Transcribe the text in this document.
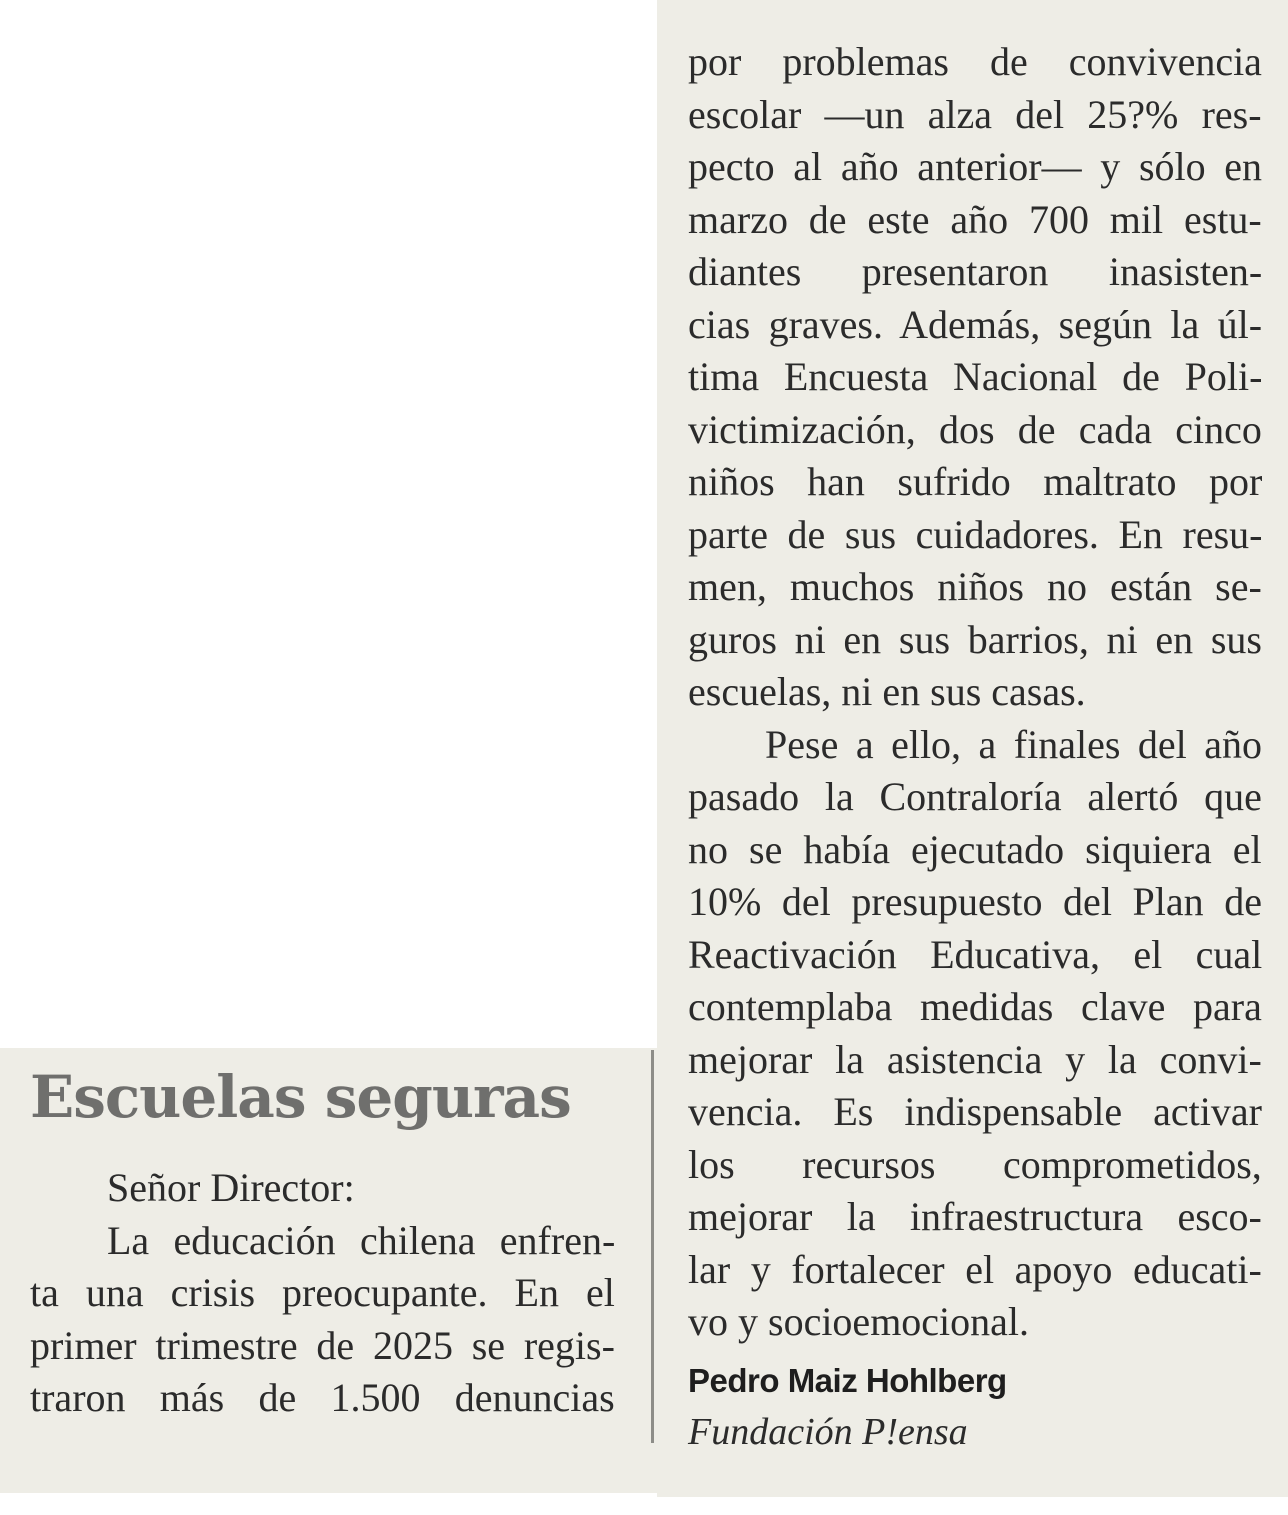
Escuelas seguras
Señor Director:
La educación chilena enfren-
ta una crisis preocupante. En el
primer trimestre de 2025 se regis-
traron más de 1.500 denuncias
por problemas de convivencia
escolar —un alza del 25?% res-
pecto al año anterior— y sólo en
marzo de este año 700 mil estu-
diantes presentaron inasisten-
cias graves. Además, según la úl-
tima Encuesta Nacional de Poli-
victimización, dos de cada cinco
niños han sufrido maltrato por
parte de sus cuidadores. En resu-
men, muchos niños no están se-
guros ni en sus barrios, ni en sus
escuelas, ni en sus casas.
Pese a ello, a finales del año
pasado la Contraloría alertó que
no se había ejecutado siquiera el
10% del presupuesto del Plan de
Reactivación Educativa, el cual
contemplaba medidas clave para
mejorar la asistencia y la convi-
vencia. Es indispensable activar
los recursos comprometidos,
mejorar la infraestructura esco-
lar y fortalecer el apoyo educati-
vo y socioemocional.
Pedro Maiz Hohlberg
Fundación P!ensa
